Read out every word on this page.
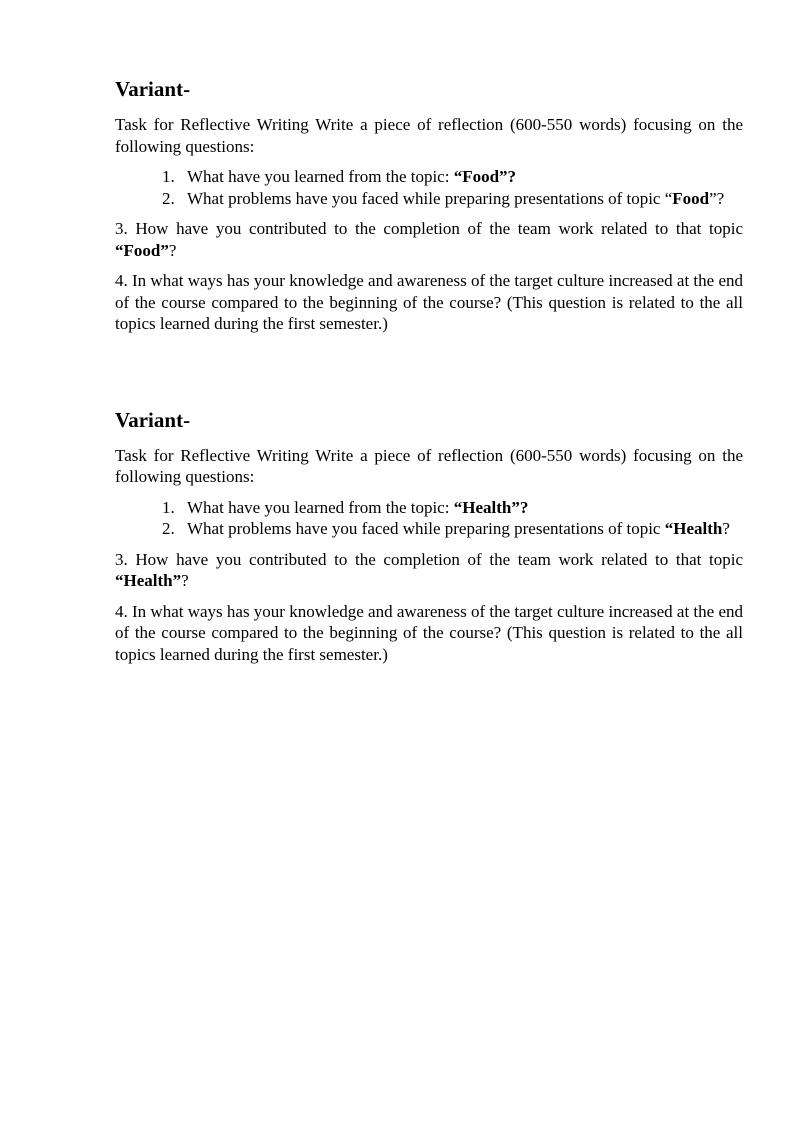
Variant-

Task for Reflective Writing Write a piece of reflection (600-550 words) focusing on the following questions:

1. What have you learned from the topic: “Food”?
2. What problems have you faced while preparing presentations of topic “Food”?

3. How have you contributed to the completion of the team work related to that topic “Food”?

4. In what ways has your knowledge and awareness of the target culture increased at the end of the course compared to the beginning of the course? (This question is related to the all topics learned during the first semester.)

Variant-

Task for Reflective Writing Write a piece of reflection (600-550 words) focusing on the following questions:

1. What have you learned from the topic: “Health”?
2. What problems have you faced while preparing presentations of topic “Health?

3. How have you contributed to the completion of the team work related to that topic “Health”?

4. In what ways has your knowledge and awareness of the target culture increased at the end of the course compared to the beginning of the course? (This question is related to the all topics learned during the first semester.)
